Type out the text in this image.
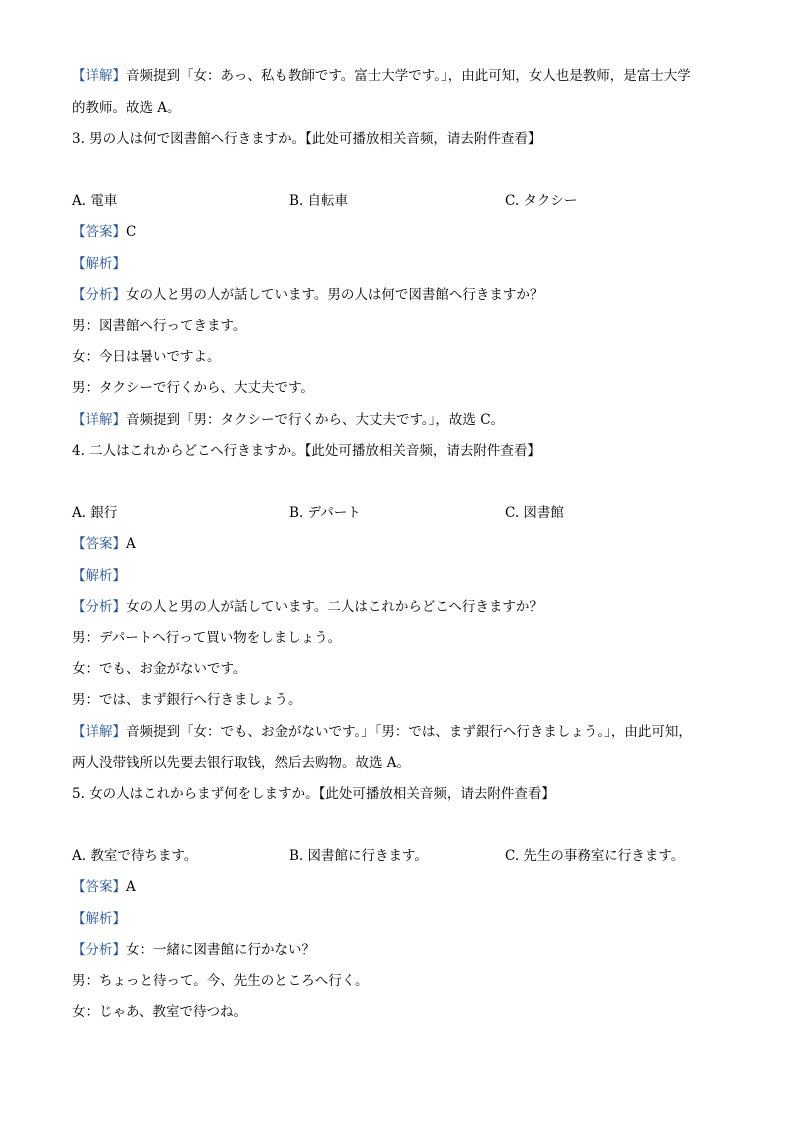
【详解】音频提到「女：あっ、私も教師です。富士大学です。」，由此可知，女人也是教师，是富士大学
的教师。故选 A。
3. 男の人は何で図書館へ行きますか。【此处可播放相关音频，请去附件查看】
A. 電車	B. 自転車	C. タクシー
【答案】C
【解析】
【分析】女の人と男の人が話しています。男の人は何で図書館へ行きますか？
男：図書館へ行ってきます。
女：今日は暑いですよ。
男：タクシーで行くから、大丈夫です。
【详解】音频提到「男：タクシーで行くから、大丈夫です。」，故选 C。
4. 二人はこれからどこへ行きますか。【此处可播放相关音频，请去附件查看】
A. 銀行	B. デパート	C. 図書館
【答案】A
【解析】
【分析】女の人と男の人が話しています。二人はこれからどこへ行きますか？
男：デパートへ行って買い物をしましょう。
女：でも、お金がないです。
男：では、まず銀行へ行きましょう。
【详解】音频提到「女：でも、お金がないです。」「男：では、まず銀行へ行きましょう。」，由此可知，
两人没带钱所以先要去银行取钱，然后去购物。故选 A。
5. 女の人はこれからまず何をしますか。【此处可播放相关音频，请去附件查看】
A. 教室で待ちます。	B. 図書館に行きます。	C. 先生の事務室に行きます。
【答案】A
【解析】
【分析】女：一緒に図書館に行かない？
男：ちょっと待って。今、先生のところへ行く。
女：じゃあ、教室で待つね。
